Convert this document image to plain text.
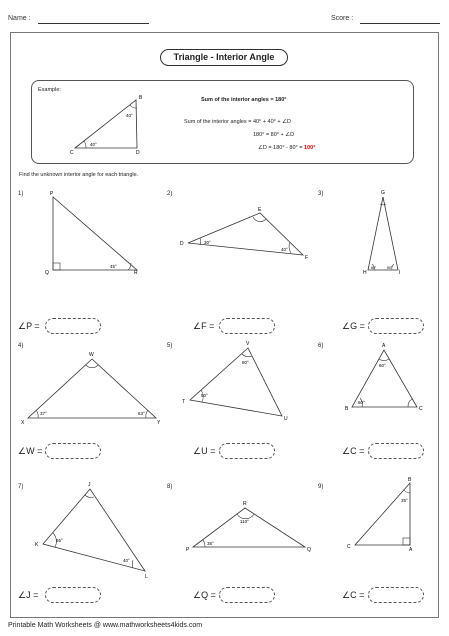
Name :	Score :
Triangle - Interior Angle
Example:
B
C	D
40°
40°
Sum of the interior angles = 180°
Sum of the interior angles = 40° + 40° + ∠D
180° = 80° + ∠D
∠D = 180° - 80° = 100°
Find the unknown interior angle for each triangle.
1)	P
Q	R
45°
∠P =
2)
E
D
F
30°
40°
∠F =
3)	G
H	I
80°	80°
∠G =
4)
W
X	Y
37°	63°
∠W =
5)	V
T
U
80°
50°
∠U =
6)	A
B	C
60°
60°
∠C =
7)	J
K
L
65°
40°
∠J =
8)
R
P	Q
110°
35°
∠Q =
9)
B
C	A
35°
∠C =
Printable Math Worksheets @ www.mathworksheets4kids.com
